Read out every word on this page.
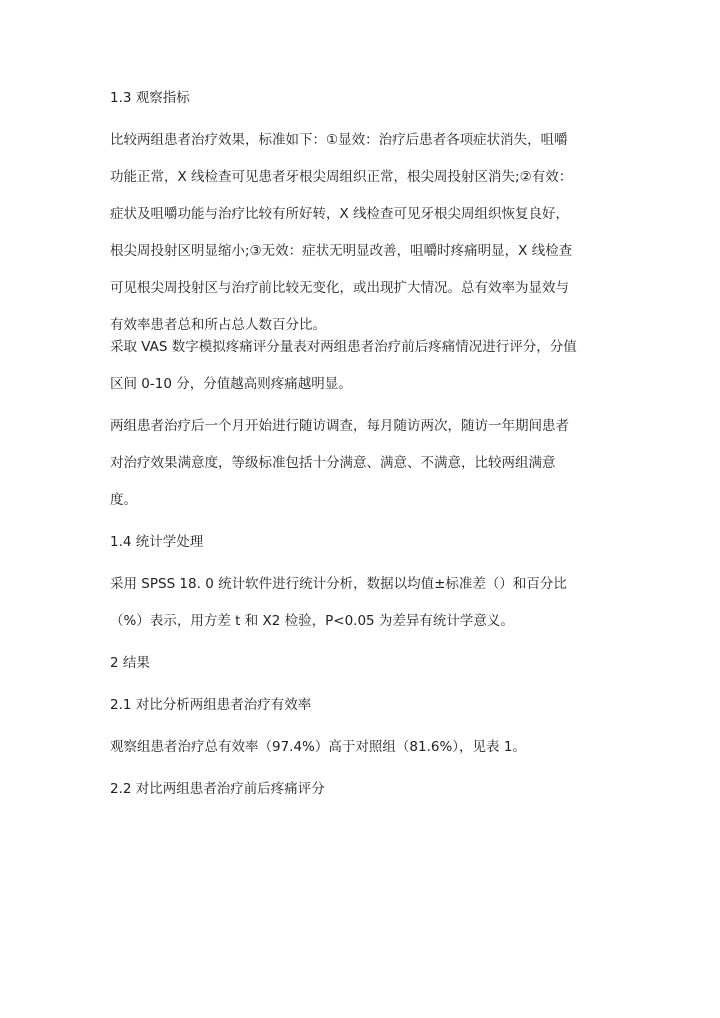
1.3 观察指标
比较两组患者治疗效果，标准如下：①显效：治疗后患者各项症状消失，咀嚼
功能正常，X 线检查可见患者牙根尖周组织正常，根尖周投射区消失;②有效：
症状及咀嚼功能与治疗比较有所好转，X 线检查可见牙根尖周组织恢复良好，
根尖周投射区明显缩小;③无效：症状无明显改善，咀嚼时疼痛明显，X 线检查
可见根尖周投射区与治疗前比较无变化，或出现扩大情况。总有效率为显效与
有效率患者总和所占总人数百分比。
采取 VAS 数字模拟疼痛评分量表对两组患者治疗前后疼痛情况进行评分，分值
区间 0-10 分，分值越高则疼痛越明显。
两组患者治疗后一个月开始进行随访调查，每月随访两次，随访一年期间患者
对治疗效果满意度，等级标准包括十分满意、满意、不满意，比较两组满意
度。
1.4 统计学处理
采用 SPSS 18. 0 统计软件进行统计分析，数据以均值±标准差（）和百分比
（%）表示，用方差 t 和 X2 检验，P<0.05 为差异有统计学意义。
2 结果
2.1 对比分析两组患者治疗有效率
观察组患者治疗总有效率（97.4%）高于对照组（81.6%），见表 1。
2.2 对比两组患者治疗前后疼痛评分
